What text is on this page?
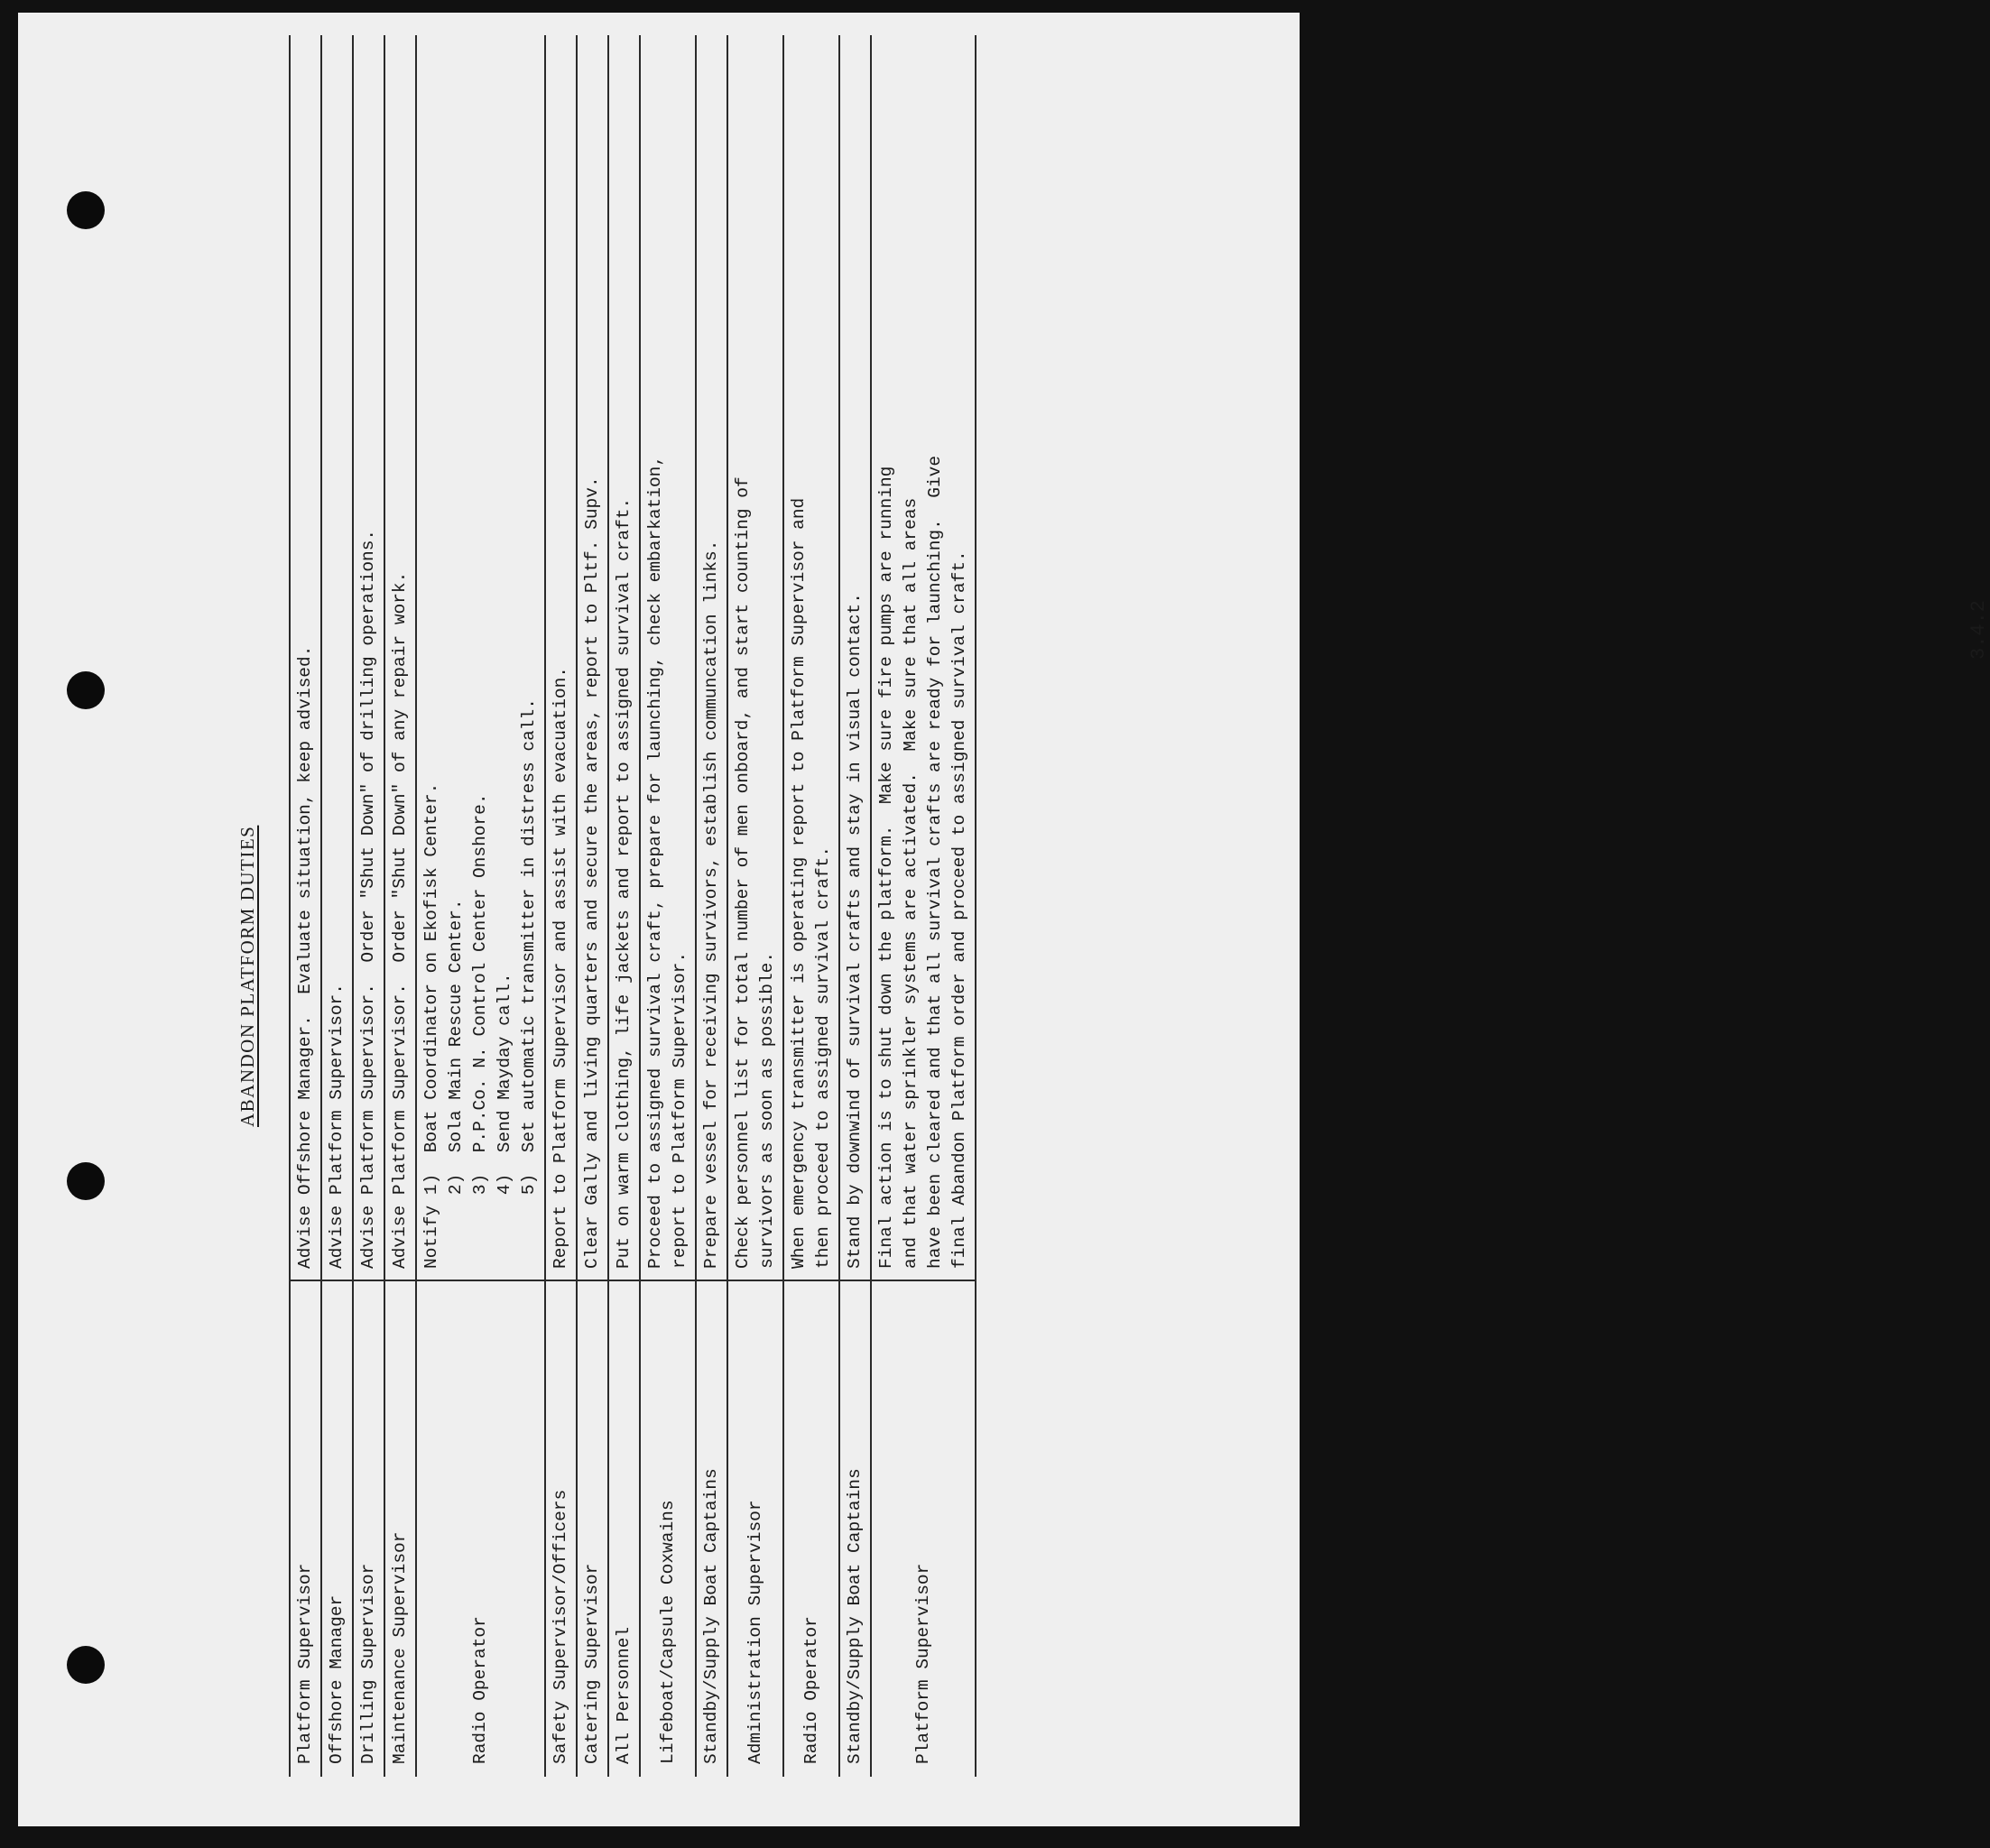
ABANDON PLATFORM DUTIES
Platform Supervisor	Advise Offshore Manager.  Evaluate situation, keep advised.

Offshore Manager	Advise Platform Supervisor.

Drilling Supervisor	Advise Platform Supervisor.  Order "Shut Down" of drilling operations.

Maintenance Supervisor	Advise Platform Supervisor.  Order "Shut Down" of any repair work.

Radio Operator	Notify 1)  Boat Coordinator on Ekofisk Center. 2)  Sola Main Rescue Center. 3)  P.P.Co. N. Control Center Onshore. 4)  Send Mayday call. 5)  Set automatic transmitter in distress call.

Safety Supervisor/Officers	Report to Platform Supervisor and assist with evacuation.

Catering Supervisor	Clear Gally and living quarters and secure the areas, report to Pltf. Supv.

All Personnel	Put on warm clothing, life jackets and report to assigned survival craft.

Lifeboat/Capsule Coxwains	Proceed to assigned survival craft, prepare for launching, check embarkation, report to Platform Supervisor.

Standby/Supply Boat Captains	Prepare vessel for receiving survivors, establish communcation links.

Administration Supervisor	Check personnel list for total number of men onboard, and start counting of survivors as soon as possible.

Radio Operator	When emergency transmitter is operating report to Platform Supervisor and then proceed to assigned survival craft.

Standby/Supply Boat Captains	Stand by downwind of survival crafts and stay in visual contact.

Platform Supervisor	Final action is to shut down the platform.  Make sure fire pumps are running and that water sprinkler systems are activated.  Make sure that all areas have been cleared and that all survival crafts are ready for launching.  Give final Abandon Platform order and proceed to assigned survival craft.	3.4.2
